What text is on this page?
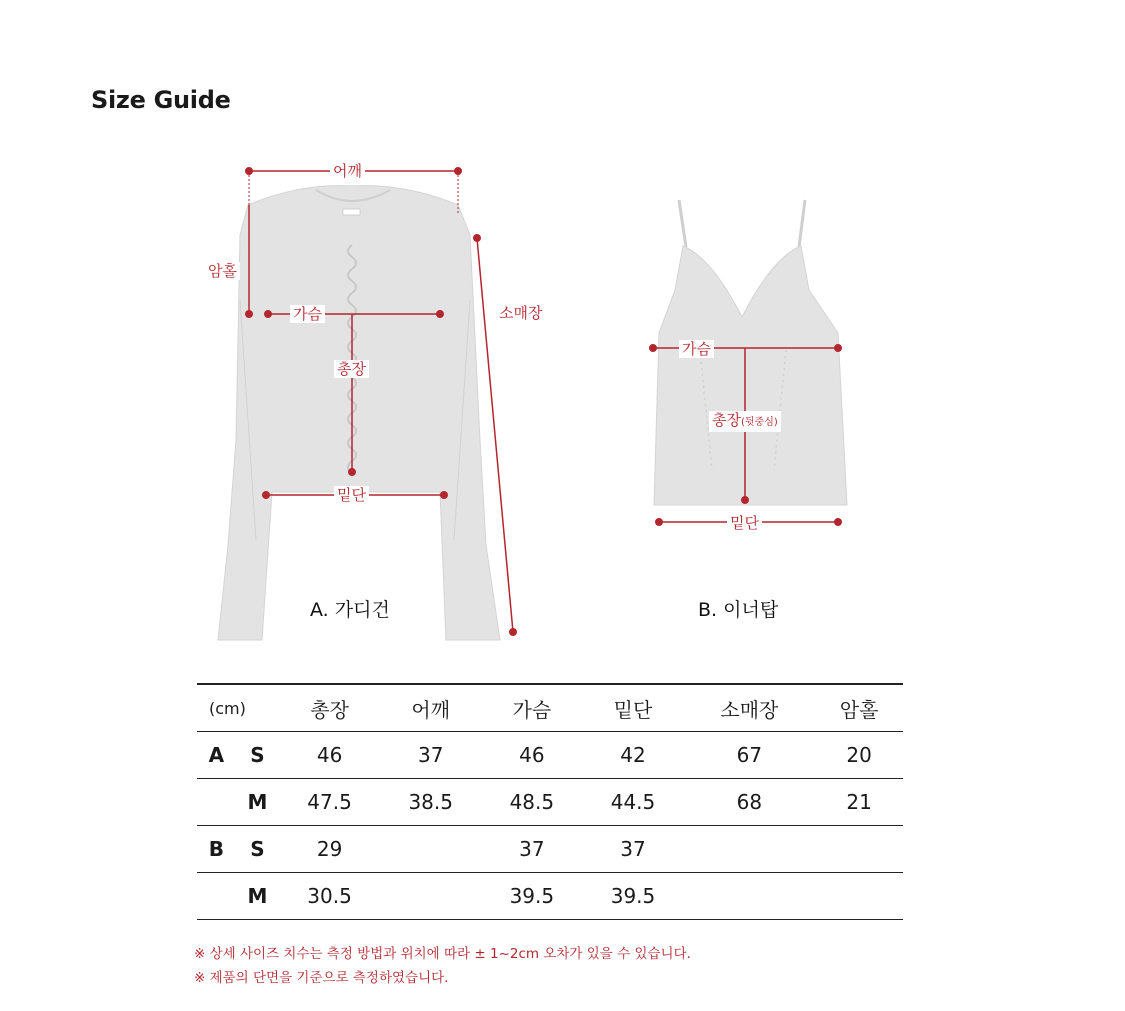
Size Guide
어깨
암홀
가슴	소매장
총장
밑단
A. 가디건
가슴
총장(뒷중심)
밑단
B. 이너탑
(cm)		총장	어깨	가슴	밑단	소매장	암홀
A	S	46	37	46	42	67	20
	M	47.5	38.5	48.5	44.5	68	21
B	S	29		37	37		
	M	30.5		39.5	39.5		
※ 상세 사이즈 치수는 측정 방법과 위치에 따라 ± 1~2cm 오차가 있을 수 있습니다.
※ 제품의 단면을 기준으로 측정하였습니다.
